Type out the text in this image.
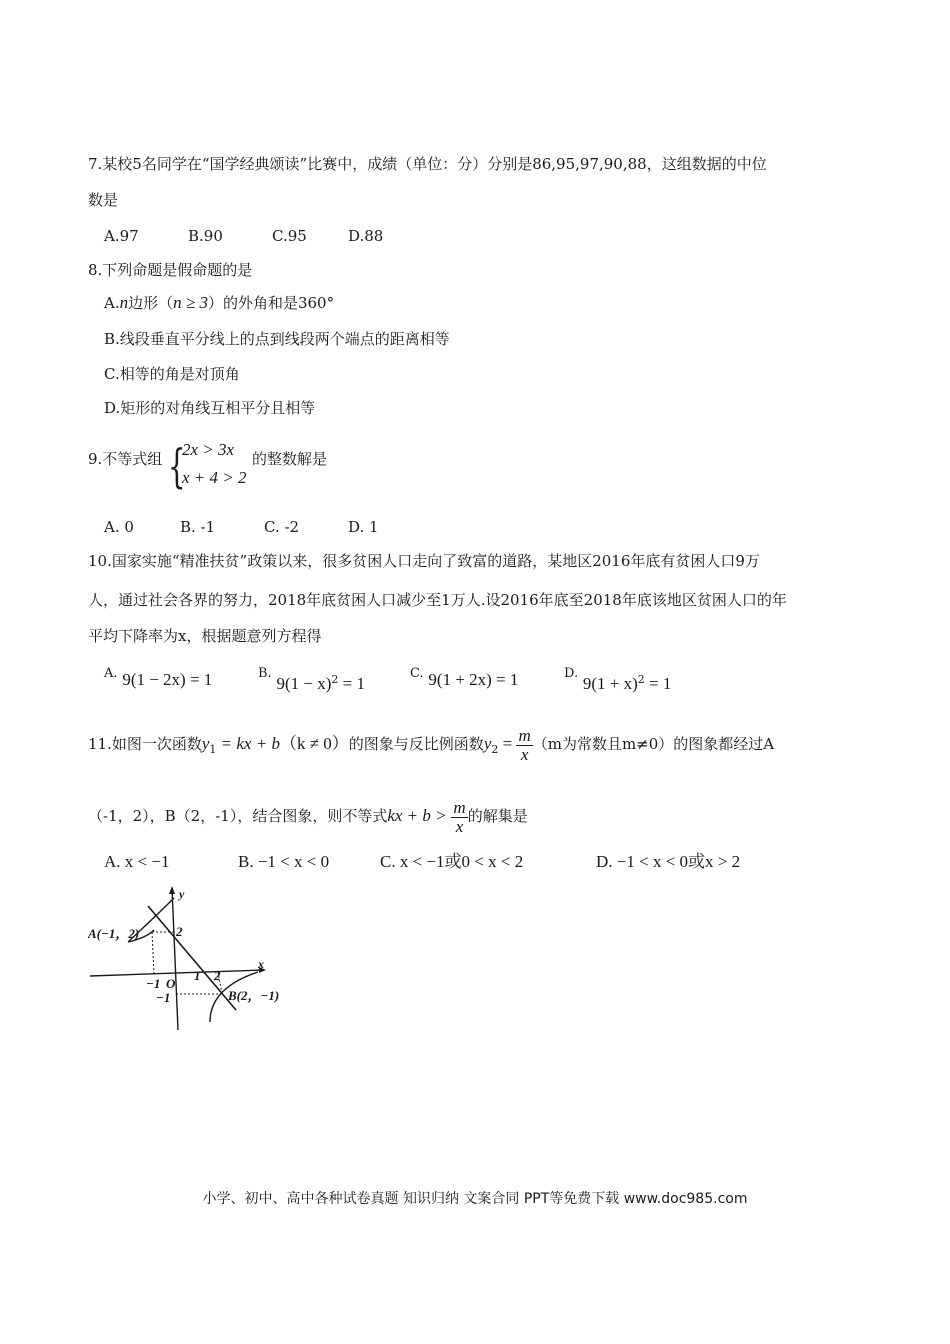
7.某校5名同学在“国学经典颂读”比赛中，成绩（单位：分）分别是86,95,97,90,88，这组数据的中位
数是
A.97	B.90	C.95	D.88
8.下列命题是假命题的是
A.n边形（n ≥ 3）的外角和是360°
B.线段垂直平分线上的点到线段两个端点的距离相等
C.相等的角是对顶角
D.矩形的对角线互相平分且相等
9.不等式组 {
2x > 3x
x + 4 > 2
的整数解是
A. 0	B. -1	C. -2	D. 1
10.国家实施“精准扶贫”政策以来，很多贫困人口走向了致富的道路，某地区2016年底有贫困人口9万
人，通过社会各界的努力，2018年底贫困人口减少至1万人.设2016年底至2018年底该地区贫困人口的年
平均下降率为x，根据题意列方程得
A. 9(1 − 2x) = 1	B. $9(1 - x)^2 = 1$
C. 9(1 + 2x) = 1	D. $9(1 + x)^2 = 1$
11.如图一次函数$y_1$ = kx + b（k ≠ 0）的图象与反比例函数$y_2 = \frac{m}{x} (m$为常数且m≠0）的图象都经过A
（-1，2），B（2，-1），结合图象，则不等式kx + $b > \frac{m}{x}$ 的解集是
A. x < −1	B. −1 < x < 0	C. x < −1或0 < x < 2	D. −1 < x < 0或x > 2
A(−1，2)
B(2，−1)
y
x
2
−1 O
1 2
−1
小学、初中、高中各种试卷真题 知识归纳 文案合同 PPT等免费下载 www.doc985.com
